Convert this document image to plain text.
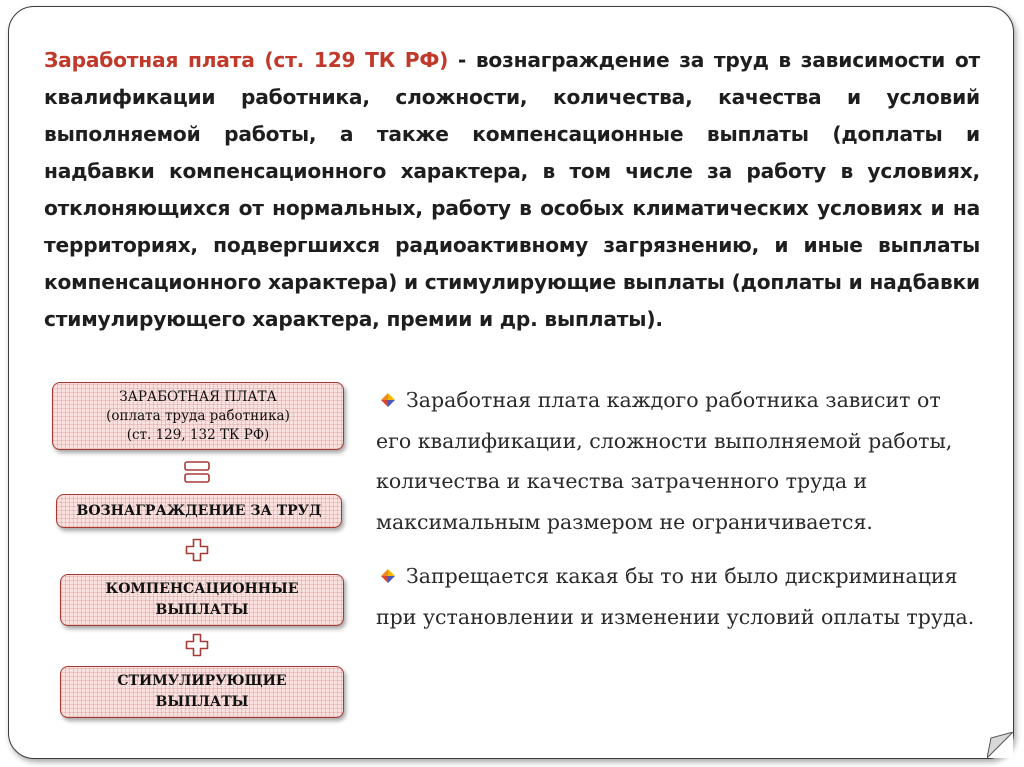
Заработная плата (ст. 129 ТК РФ) - вознаграждение за труд в зависимости от квалификации работника, сложности, количества, качества и условий выполняемой работы, а также компенсационные выплаты (доплаты и надбавки компенсационного характера, в том числе за работу в условиях, отклоняющихся от нормальных, работу в особых климатических условиях и на территориях, подвергшихся радиоактивному загрязнению, и иные выплаты компенсационного характера) и стимулирующие выплаты (доплаты и надбавки стимулирующего характера, премии и др. выплаты).

ЗАРАБОТНАЯ ПЛАТА
(оплата труда работника)
(ст. 129, 132 ТК РФ)
ВОЗНАГРАЖДЕНИЕ ЗА ТРУД
КОМПЕНСАЦИОННЫЕ
ВЫПЛАТЫ
СТИМУЛИРУЮЩИЕ
ВЫПЛАТЫ

Заработная плата каждого работника зависит от его квалификации, сложности выполняемой работы, количества и качества затраченного труда и максимальным размером не ограничивается.

Запрещается какая бы то ни было дискриминация при установлении и изменении условий оплаты труда.
